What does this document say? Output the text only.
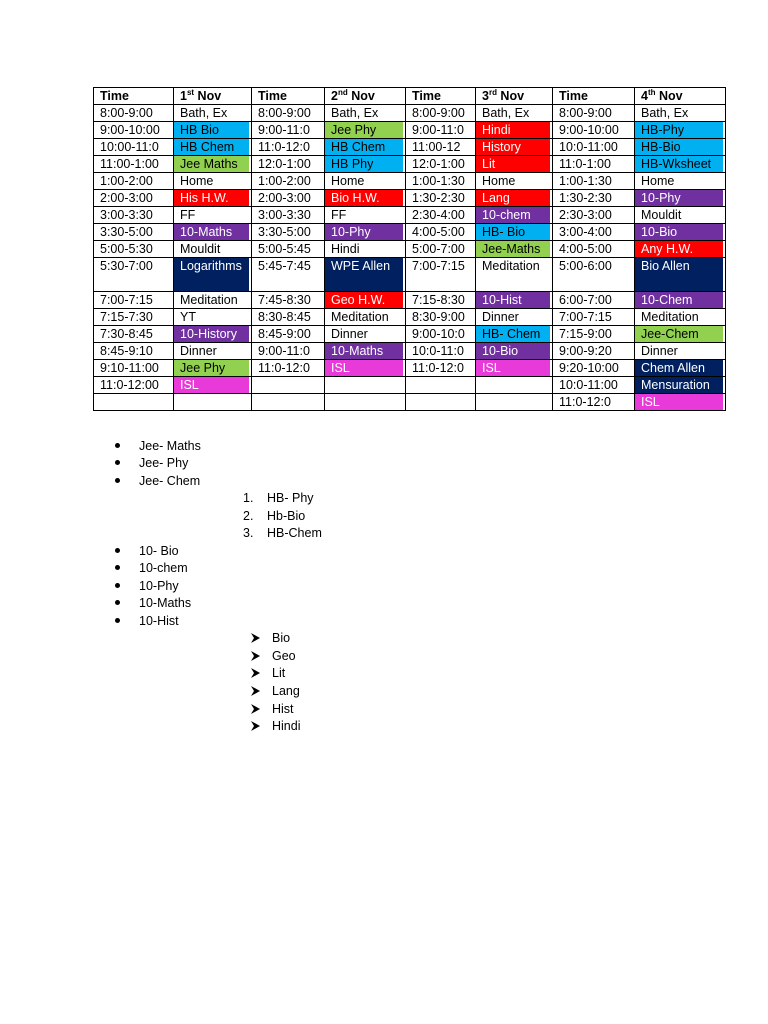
Time	1st Nov	Time	2nd Nov	Time	3rd Nov	Time	4th Nov
8:00-9:00	Bath, Ex	8:00-9:00	Bath, Ex	8:00-9:00	Bath, Ex	8:00-9:00	Bath, Ex
9:00-10:00	HB Bio	9:00-11:0	Jee Phy	9:00-11:0	Hindi	9:00-10:00	HB-Phy

10:00-11:0	HB Chem	11:0-12:0	HB Chem	11:00-12	History	10:0-11:00	HB-Bio

11:00-1:00	Jee Maths	12:0-1:00	HB Phy	12:0-1:00	Lit	11:0-1:00	HB-Wksheet

1:00-2:00	Home	1:00-2:00	Home	1:00-1:30	Home	1:00-1:30	Home
2:00-3:00	His H.W.	2:00-3:00	Bio H.W.	1:30-2:30	Lang	1:30-2:30	10-Phy

3:00-3:30	FF	3:00-3:30	FF	2:30-4:00	10-chem	2:30-3:00	Mouldit
3:30-5:00	10-Maths	3:30-5:00	10-Phy	4:00-5:00	HB- Bio	3:00-4:00	10-Bio

5:00-5:30	Mouldit	5:00-5:45	Hindi	5:00-7:00	Jee-Maths	4:00-5:00	Any H.W.

5:30-7:00	Logarithms	5:45-7:45	WPE Allen	7:00-7:15	Meditation	5:00-6:00	Bio Allen

7:00-7:15	Meditation	7:45-8:30	Geo H.W.	7:15-8:30	10-Hist	6:00-7:00	10-Chem

7:15-7:30	YT	8:30-8:45	Meditation	8:30-9:00	Dinner	7:00-7:15	Meditation
7:30-8:45	10-History	8:45-9:00	Dinner	9:00-10:0	HB- Chem	7:15-9:00	Jee-Chem

8:45-9:10	Dinner	9:00-11:0	10-Maths	10:0-11:0	10-Bio	9:00-9:20	Dinner
9:10-11:00	Jee Phy	11:0-12:0	ISL	11:0-12:0	ISL	9:20-10:00	Chem Allen

11:0-12:00	ISL					10:0-11:00	Mensuration

						11:0-12:0	ISL
Jee- Maths
Jee- Phy
Jee- Chem
1. HB- Phy
2. Hb-Bio
3. HB-Chem
10- Bio
10-chem
10-Phy
10-Maths
10-Hist
Bio
Geo
Lit
Lang
Hist
Hindi
